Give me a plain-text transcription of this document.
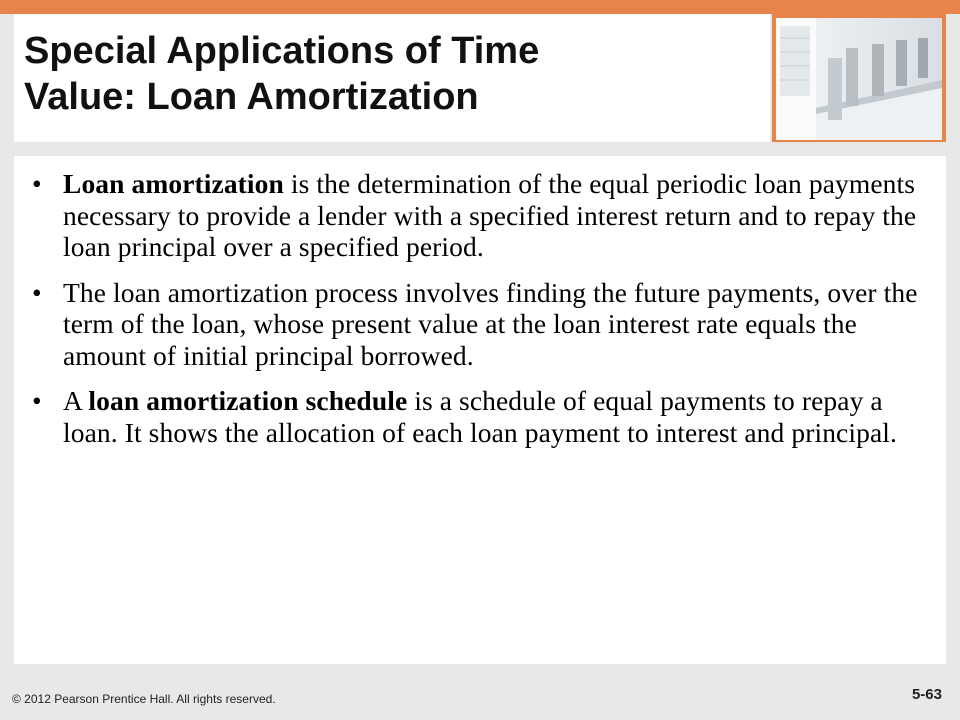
Special Applications of Time
Value: Loan Amortization
• Loan amortization is the determination of the equal periodic loan payments necessary to provide a lender with a specified interest return and to repay the loan principal over a specified period.
• The loan amortization process involves finding the future payments, over the term of the loan, whose present value at the loan interest rate equals the amount of initial principal borrowed.
• A loan amortization schedule is a schedule of equal payments to repay a loan. It shows the allocation of each loan payment to interest and principal.
© 2012 Pearson Prentice Hall. All rights reserved.	5-63
